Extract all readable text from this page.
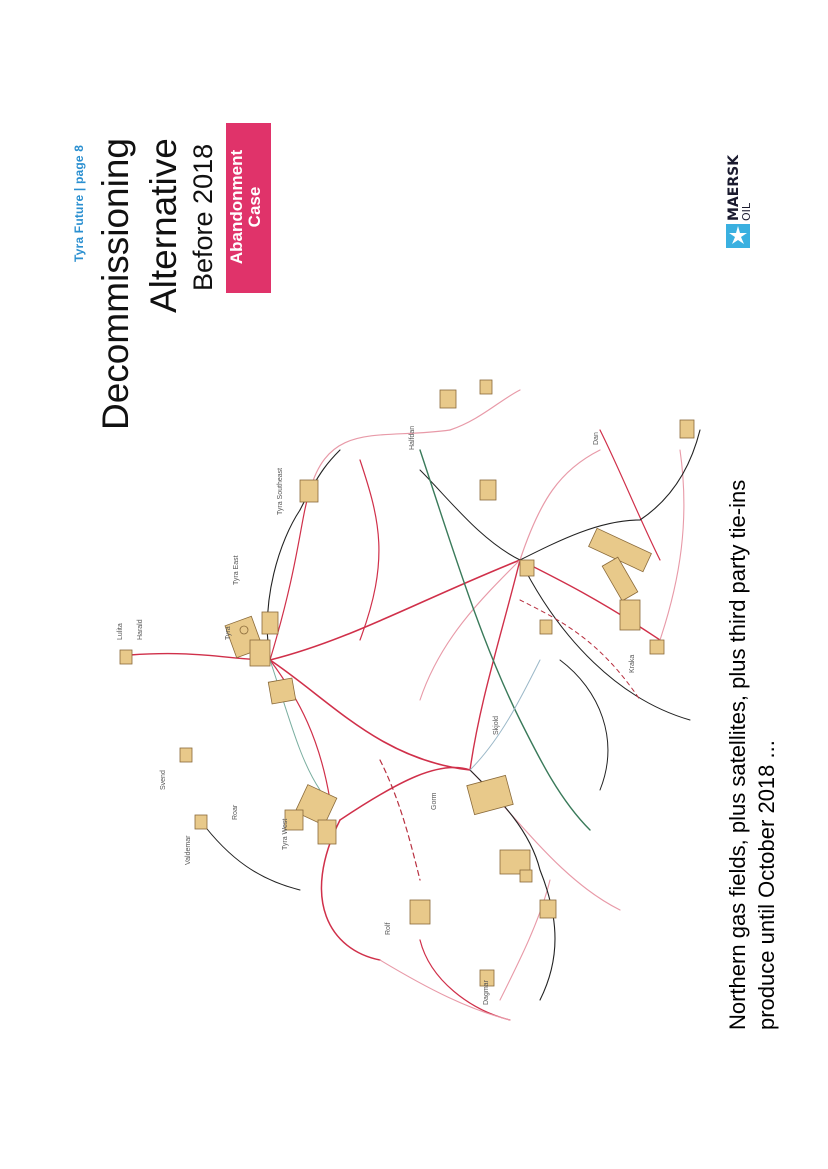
Tyra Future | page 8 Decommissioning Alternative Before 2018 Abandonment
Case	MAERSK
OIL
Northern gas fields, plus satellites, plus third party tie-ins produce until October 2018 ...
Lulita Harald
Svend
Valdemar
Roar
Tyra
Tyra West
Tyra East
Tyra Southeast
Halfdan	Dan
Kraka
Gorm
Skjold
Rolf
Dagmar
